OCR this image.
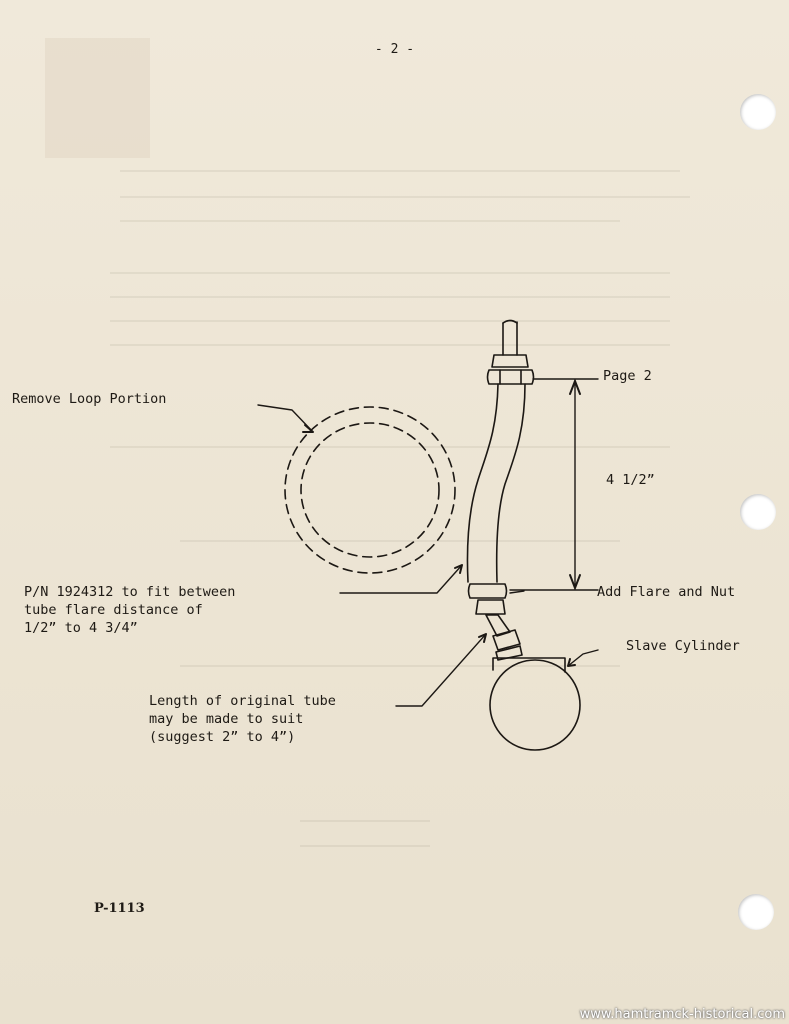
- 2 -
Remove Loop Portion
Page 2
4 1/2”
P/N 1924312 to fit between
tube flare distance of
1/2” to 4 3/4”
Add Flare and Nut
Slave Cylinder
Length of original tube
may be made to suit
(suggest 2” to 4”)
P-1113
www.hamtramck-historical.com
